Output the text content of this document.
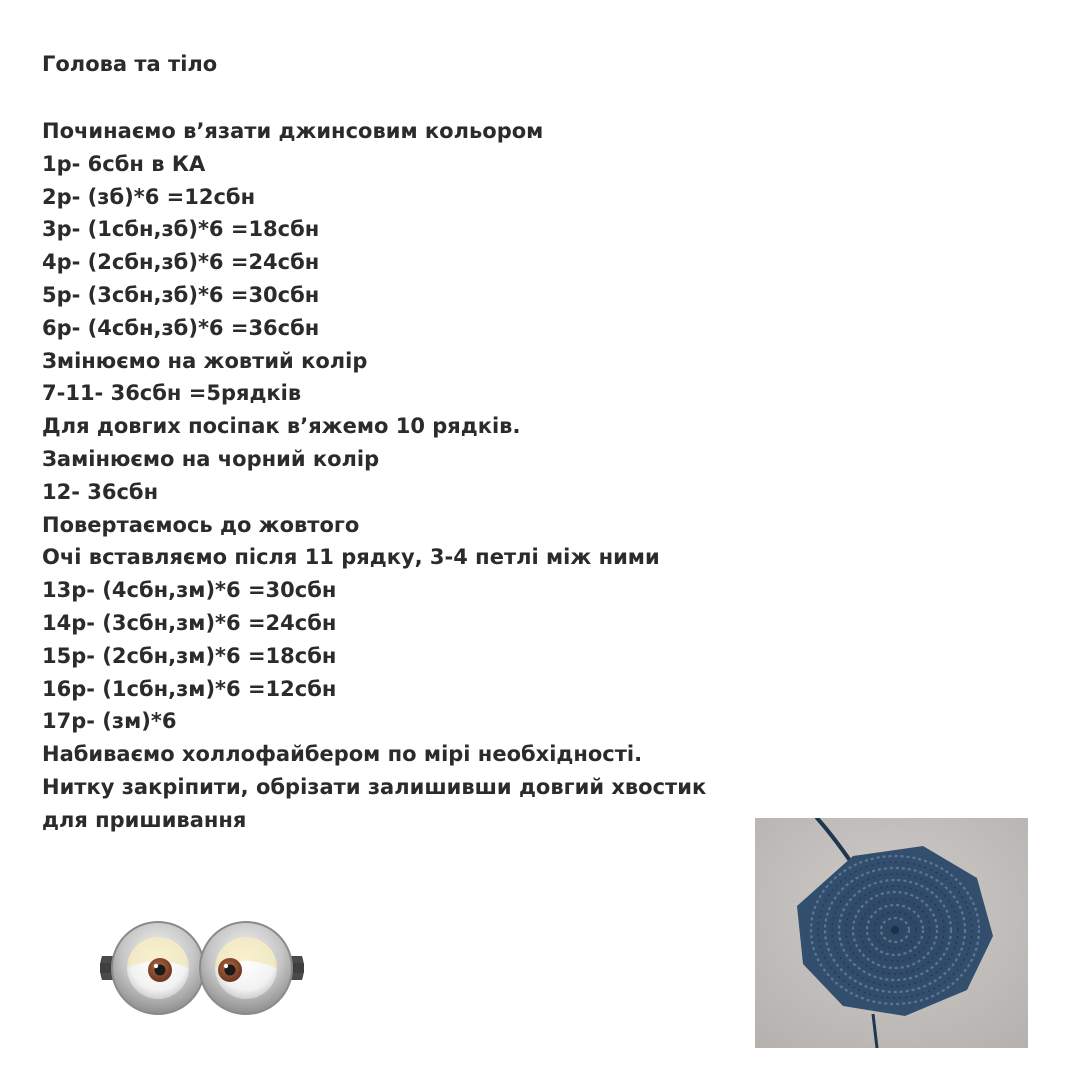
Голова та тіло
Починаємо в’язати джинсовим кольором
1р- 6сбн в КА
2р- (зб)*6 =12сбн
3р- (1сбн,зб)*6 =18сбн
4р- (2сбн,зб)*6 =24сбн
5р- (3сбн,зб)*6 =30сбн
6р- (4сбн,зб)*6 =36сбн
Змінюємо на жовтий колір
7-11- 36сбн =5рядків
Для довгих посіпак в’яжемо 10 рядків.
Замінюємо на чорний колір
12- 36сбн
Повертаємось до жовтого
Очі вставляємо після 11 рядку, 3-4 петлі між ними
13р- (4сбн,зм)*6 =30сбн
14р- (3сбн,зм)*6 =24сбн
15р- (2сбн,зм)*6 =18сбн
16р- (1сбн,зм)*6 =12сбн
17р- (зм)*6
Набиваємо холлофайбером по мірі необхідності.
Нитку закріпити, обрізати залишивши довгий хвостик
для пришивання
